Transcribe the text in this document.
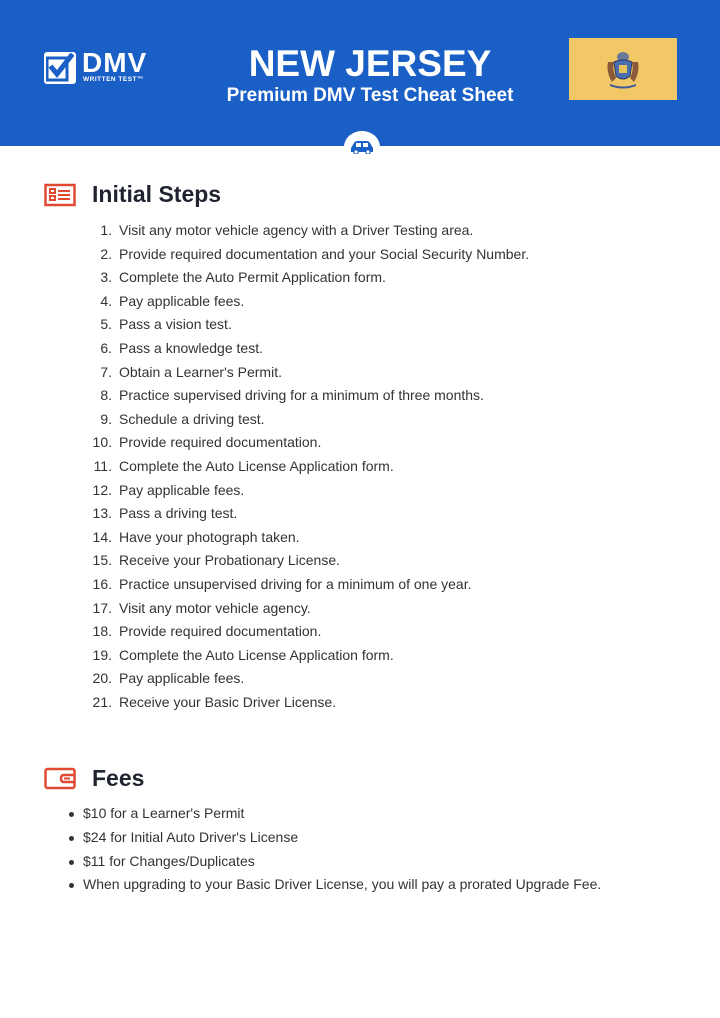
DMV
WRITTEN TEST™	NEW JERSEY
Premium DMV Test Cheat Sheet
Initial Steps
1. Visit any motor vehicle agency with a Driver Testing area.
2. Provide required documentation and your Social Security Number.
3. Complete the Auto Permit Application form.
4. Pay applicable fees.
5. Pass a vision test.
6. Pass a knowledge test.
7. Obtain a Learner's Permit.
8. Practice supervised driving for a minimum of three months.
9. Schedule a driving test.
10. Provide required documentation.
11. Complete the Auto License Application form.
12. Pay applicable fees.
13. Pass a driving test.
14. Have your photograph taken.
15. Receive your Probationary License.
16. Practice unsupervised driving for a minimum of one year.
17. Visit any motor vehicle agency.
18. Provide required documentation.
19. Complete the Auto License Application form.
20. Pay applicable fees.
21. Receive your Basic Driver License.
Fees
$10 for a Learner's Permit
$24 for Initial Auto Driver's License
$11 for Changes/Duplicates
When upgrading to your Basic Driver License, you will pay a prorated Upgrade Fee.
